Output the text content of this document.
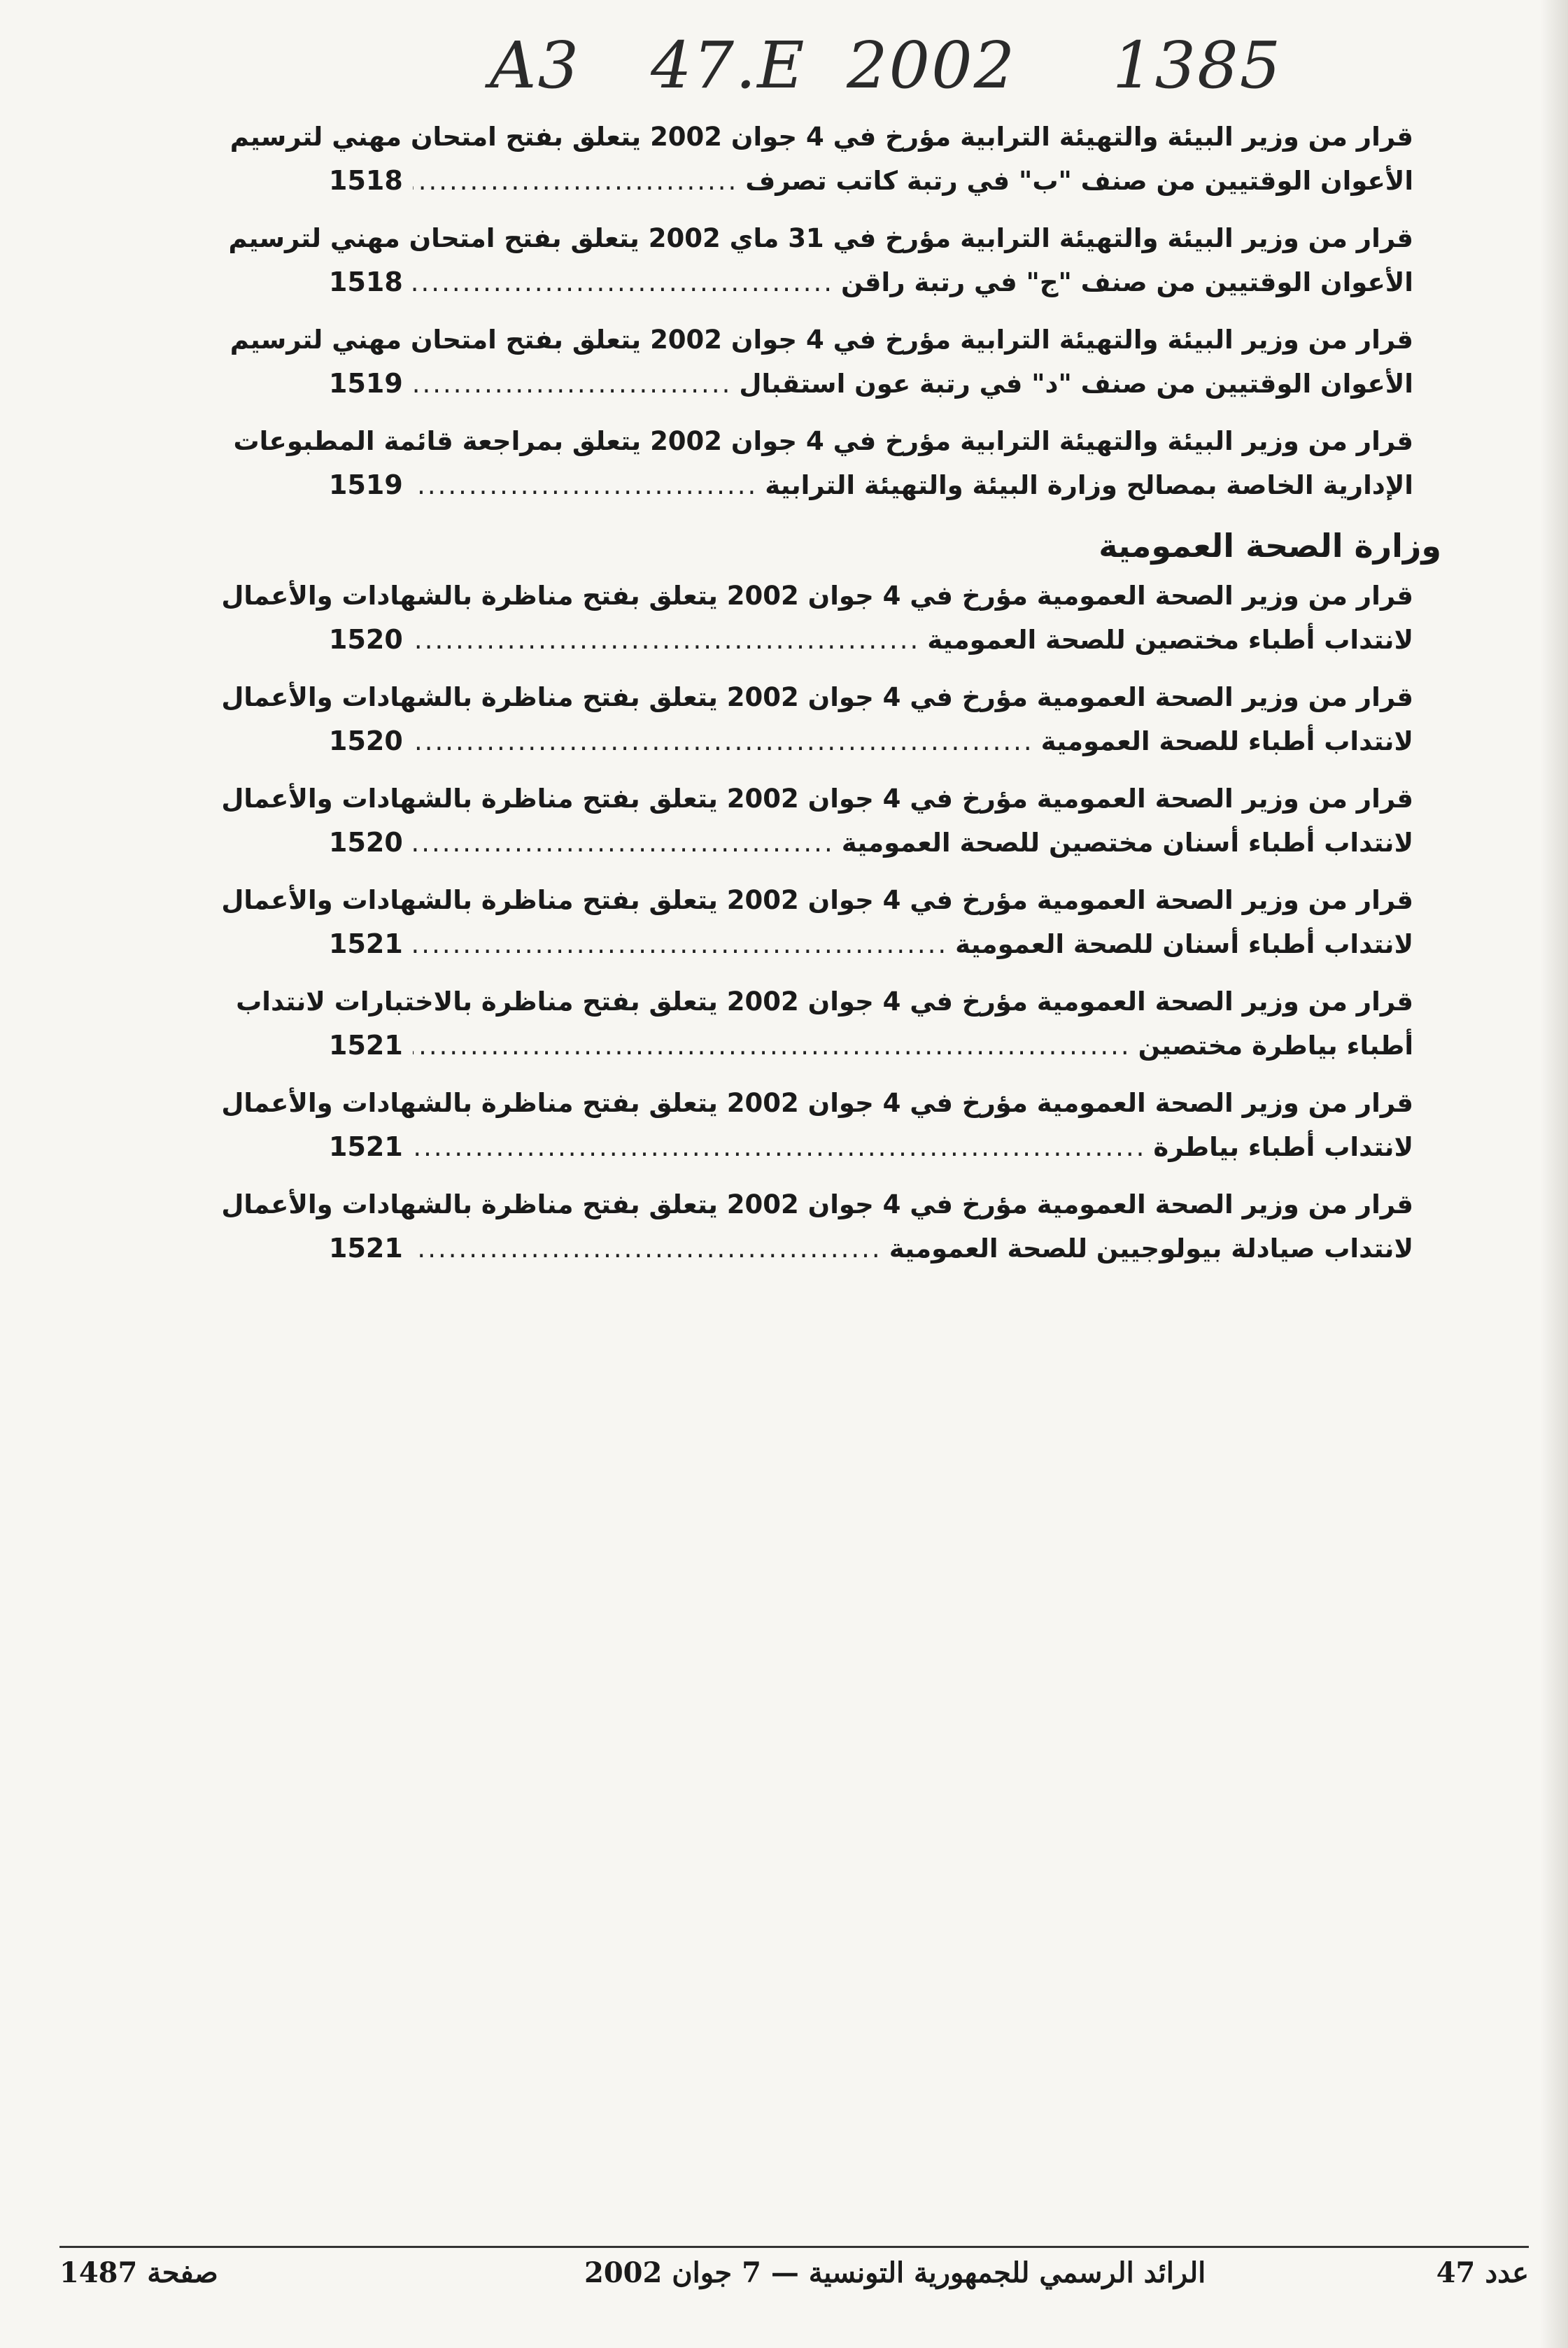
A3 47.E 2002 1385
قرار من وزير البيئة والتهيئة الترابية مؤرخ في 4 جوان 2002 يتعلق بفتح امتحان مهني لترسيم
الأعوان الوقتيين من صنف "ب" في رتبة كاتب تصرف
.....
1518
قرار من وزير البيئة والتهيئة الترابية مؤرخ في 31 ماي 2002 يتعلق بفتح امتحان مهني لترسيم
الأعوان الوقتيين من صنف "ج" في رتبة راقن
.....
1518
قرار من وزير البيئة والتهيئة الترابية مؤرخ في 4 جوان 2002 يتعلق بفتح امتحان مهني لترسيم
الأعوان الوقتيين من صنف "د" في رتبة عون استقبال
.....
1519
قرار من وزير البيئة والتهيئة الترابية مؤرخ في 4 جوان 2002 يتعلق بمراجعة قائمة المطبوعات
الإدارية الخاصة بمصالح وزارة البيئة والتهيئة الترابية
.....
1519
وزارة الصحة العمومية
قرار من وزير الصحة العمومية مؤرخ في 4 جوان 2002 يتعلق بفتح مناظرة بالشهادات والأعمال
لانتداب أطباء مختصين للصحة العمومية
.....
1520
قرار من وزير الصحة العمومية مؤرخ في 4 جوان 2002 يتعلق بفتح مناظرة بالشهادات والأعمال
لانتداب أطباء للصحة العمومية
.....
1520
قرار من وزير الصحة العمومية مؤرخ في 4 جوان 2002 يتعلق بفتح مناظرة بالشهادات والأعمال
لانتداب أطباء أسنان مختصين للصحة العمومية
.....
1520
قرار من وزير الصحة العمومية مؤرخ في 4 جوان 2002 يتعلق بفتح مناظرة بالشهادات والأعمال
لانتداب أطباء أسنان للصحة العمومية
.....
1521
قرار من وزير الصحة العمومية مؤرخ في 4 جوان 2002 يتعلق بفتح مناظرة بالاختبارات لانتداب
أطباء بياطرة مختصين
.....
1521
قرار من وزير الصحة العمومية مؤرخ في 4 جوان 2002 يتعلق بفتح مناظرة بالشهادات والأعمال
لانتداب أطباء بياطرة
.....
1521
قرار من وزير الصحة العمومية مؤرخ في 4 جوان 2002 يتعلق بفتح مناظرة بالشهادات والأعمال
لانتداب صيادلة بيولوجيين للصحة العمومية
.....
1521
صفحة 1487	الرائد الرسمي للجمهورية التونسية — 7 جوان 2002	عدد 47
